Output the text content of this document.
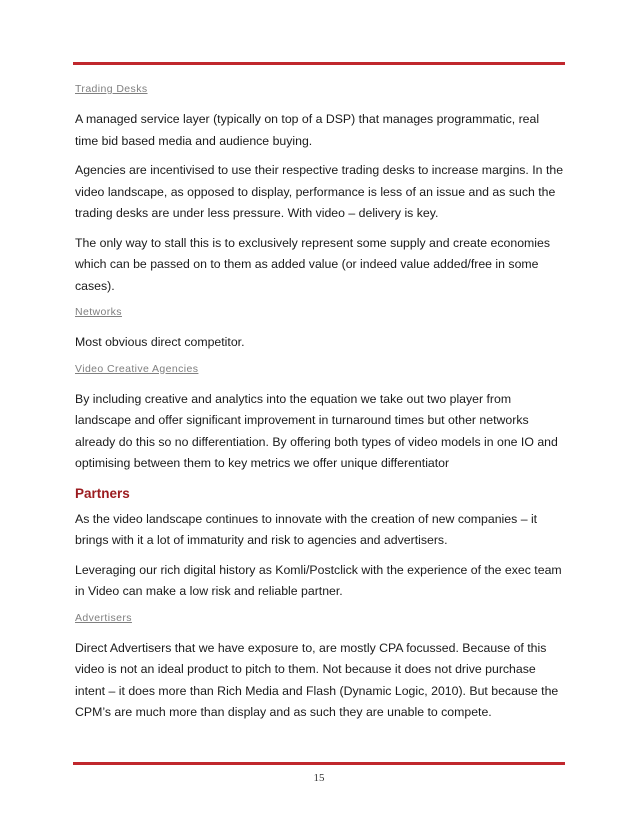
Trading Desks

A managed service layer (typically on top of a DSP) that manages programmatic, real time bid based media and audience buying.

Agencies are incentivised to use their respective trading desks to increase margins. In the video landscape, as opposed to display, performance is less of an issue and as such the trading desks are under less pressure. With video – delivery is key.

The only way to stall this is to exclusively represent some supply and create economies which can be passed on to them as added value (or indeed value added/free in some cases).

Networks

Most obvious direct competitor.

Video Creative Agencies

By including creative and analytics into the equation we take out two player from landscape and offer significant improvement in turnaround times but other networks already do this so no differentiation. By offering both types of video models in one IO and optimising between them to key metrics we offer unique differentiator

Partners

As the video landscape continues to innovate with the creation of new companies – it brings with it a lot of immaturity and risk to agencies and advertisers.

Leveraging our rich digital history as Komli/Postclick with the experience of the exec team in Video can make a low risk and reliable partner.

Advertisers

Direct Advertisers that we have exposure to, are mostly CPA focussed. Because of this video is not an ideal product to pitch to them. Not because it does not drive purchase intent – it does more than Rich Media and Flash (Dynamic Logic, 2010). But because the CPM’s are much more than display and as such they are unable to compete.

15
